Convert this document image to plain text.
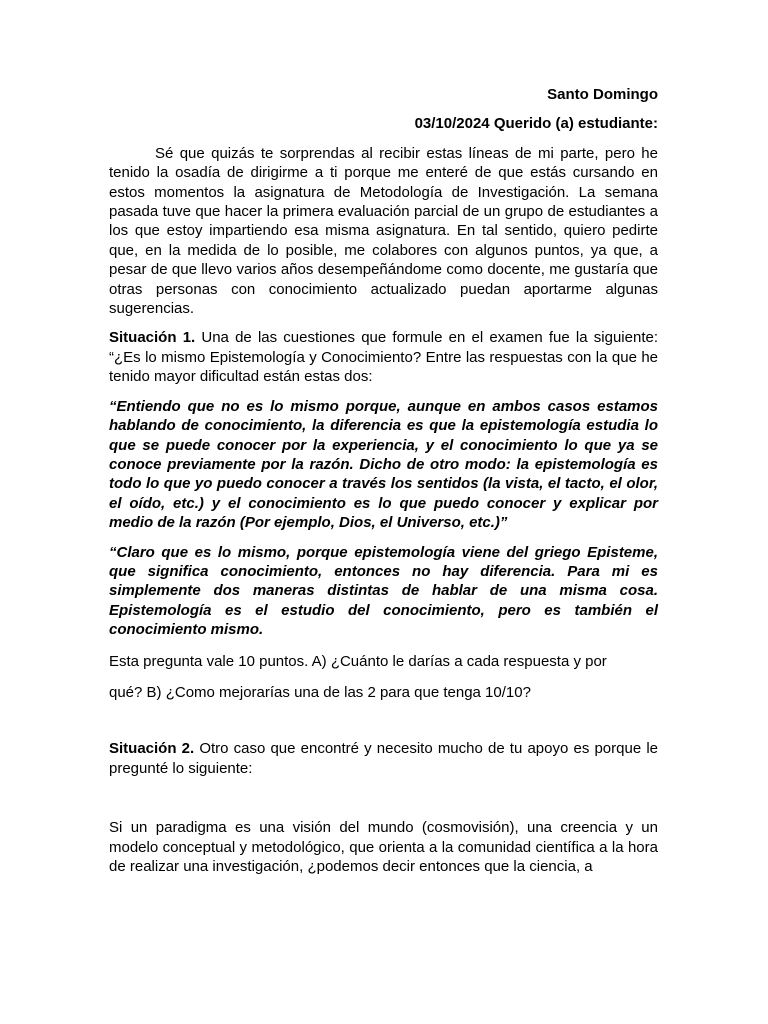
Santo Domingo

03/10/2024 Querido (a) estudiante:

Sé que quizás te sorprendas al recibir estas líneas de mi parte, pero he tenido la osadía de dirigirme a ti porque me enteré de que estás cursando en estos momentos la asignatura de Metodología de Investigación. La semana pasada tuve que hacer la primera evaluación parcial de un grupo de estudiantes a los que estoy impartiendo esa misma asignatura. En tal sentido, quiero pedirte que, en la medida de lo posible, me colabores con algunos puntos, ya que, a pesar de que llevo varios años desempeñándome como docente, me gustaría que otras personas con conocimiento actualizado puedan aportarme algunas sugerencias.

Situación 1. Una de las cuestiones que formule en el examen fue la siguiente: “¿Es lo mismo Epistemología y Conocimiento? Entre las respuestas con la que he tenido mayor dificultad están estas dos:

“Entiendo que no es lo mismo porque, aunque en ambos casos estamos hablando de conocimiento, la diferencia es que la epistemología estudia lo que se puede conocer por la experiencia, y el conocimiento lo que ya se conoce previamente por la razón. Dicho de otro modo: la epistemología es todo lo que yo puedo conocer a través los sentidos (la vista, el tacto, el olor, el oído, etc.) y el conocimiento es lo que puedo conocer y explicar por medio de la razón (Por ejemplo, Dios, el Universo, etc.)”

“Claro que es lo mismo, porque epistemología viene del griego Episteme, que significa conocimiento, entonces no hay diferencia. Para mi es simplemente dos maneras distintas de hablar de una misma cosa. Epistemología es el estudio del conocimiento, pero es también el conocimiento mismo.

Esta pregunta vale 10 puntos. A) ¿Cuánto le darías a cada respuesta y por

qué? B) ¿Como mejorarías una de las 2 para que tenga 10/10?

Situación 2. Otro caso que encontré y necesito mucho de tu apoyo es porque le pregunté lo siguiente:

Si un paradigma es una visión del mundo (cosmovisión), una creencia y un modelo conceptual y metodológico, que orienta a la comunidad científica a la hora de realizar una investigación, ¿podemos decir entonces que la ciencia, a
